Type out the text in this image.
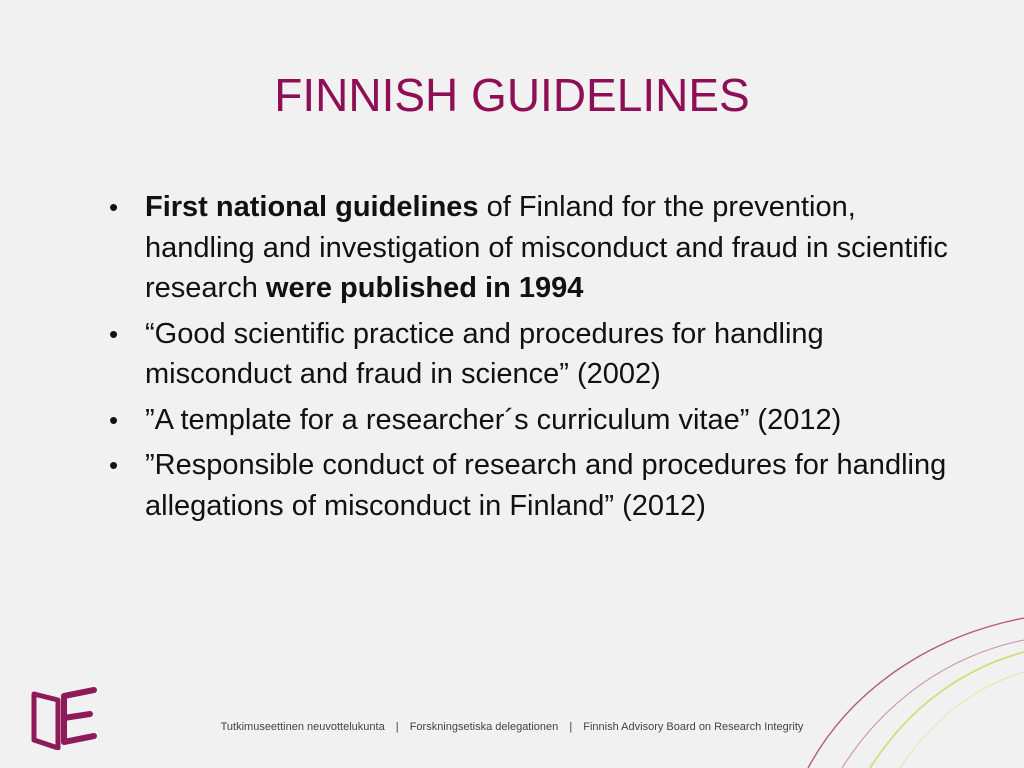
FINNISH GUIDELINES
• First national guidelines of Finland for the prevention, handling and investigation of misconduct and fraud in scientific research were published in 1994
• “Good scientific practice and procedures for handling misconduct and fraud in science” (2002)
• ”A template for a researcher´s curriculum vitae” (2012)
• ”Responsible conduct of research and procedures for handling allegations of misconduct in Finland” (2012)
Tutkimuseettinen neuvottelukunta | Forskningsetiska delegationen | Finnish Advisory Board on Research Integrity
